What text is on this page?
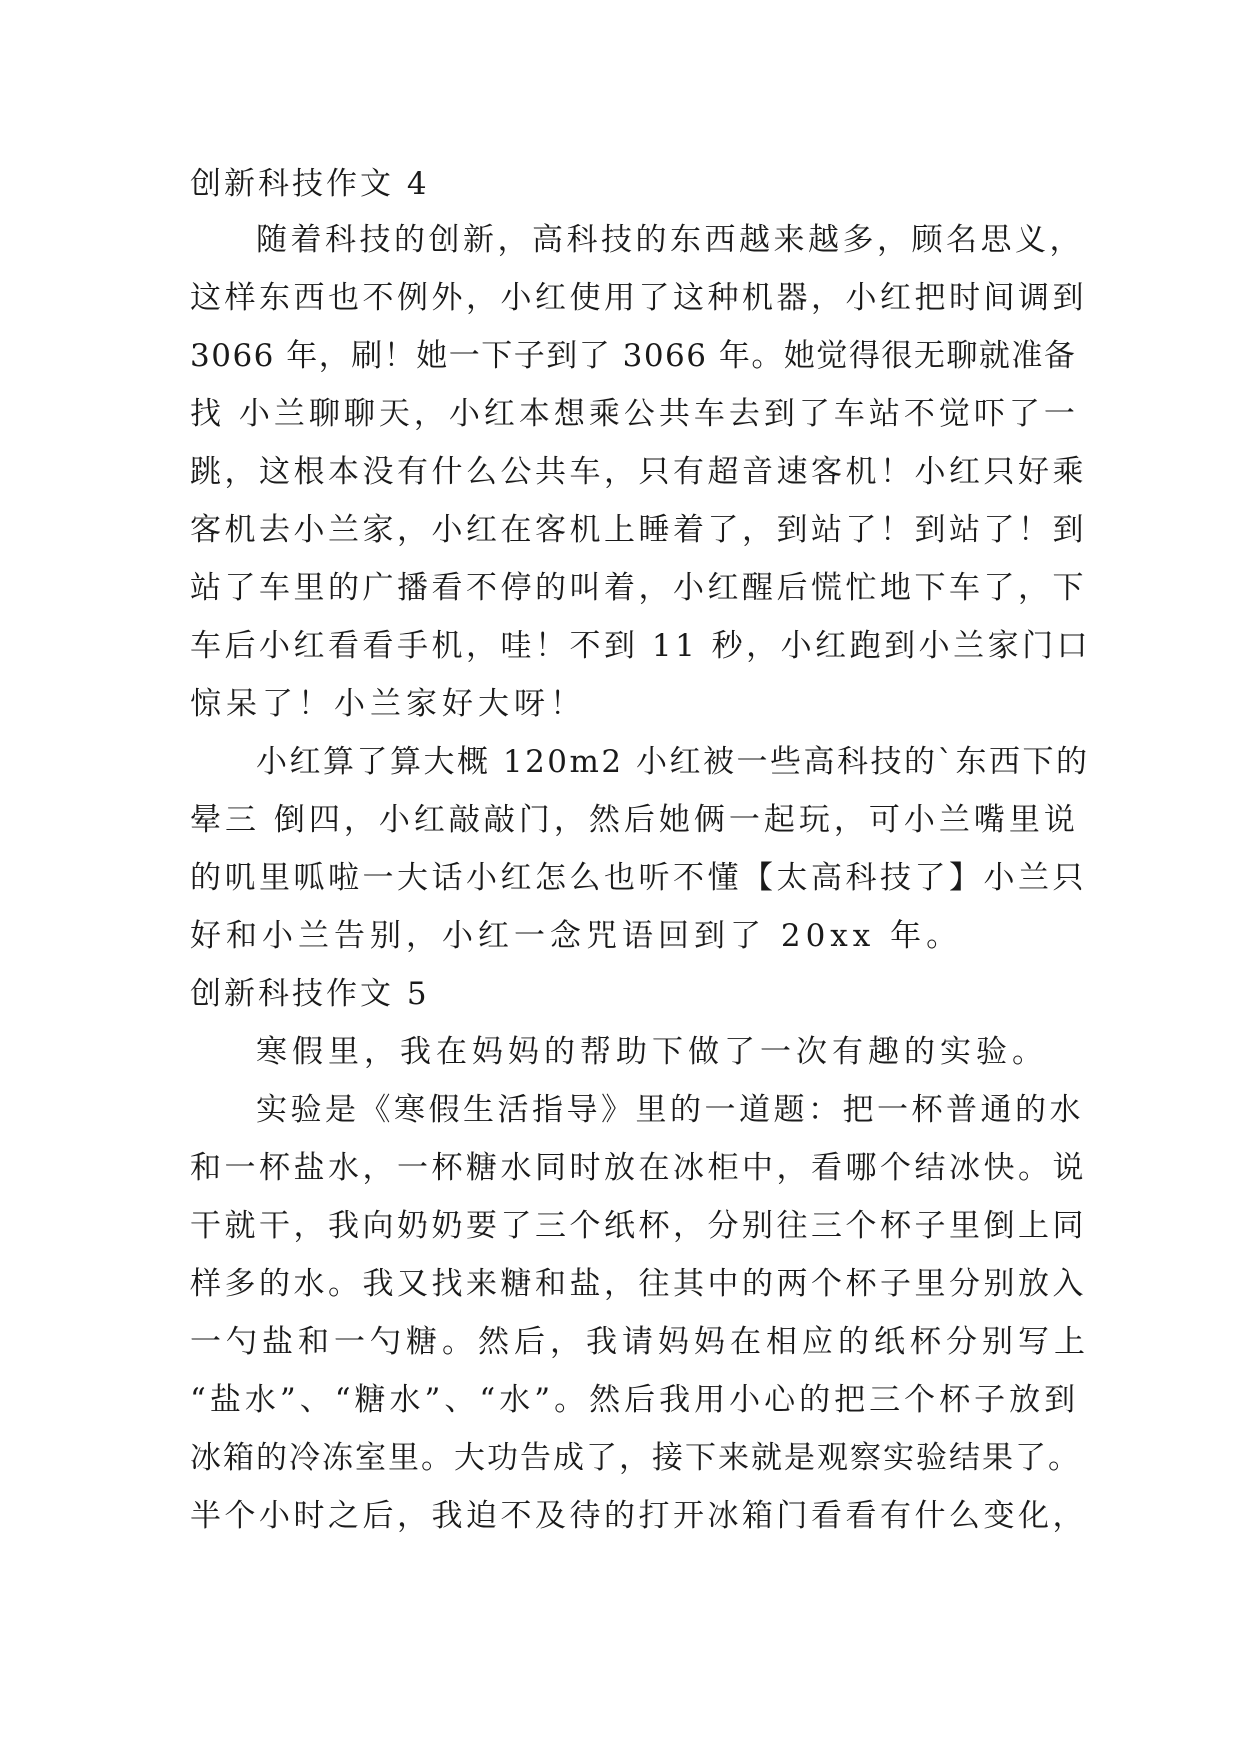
创新科技作文 4
随着科技的创新，高科技的东西越来越多，顾名思义，
这样东西也不例外，小红使用了这种机器，小红把时间调到
3066 年，刷！她一下子到了 3066 年。她觉得很无聊就准备
找 小兰聊聊天，小红本想乘公共车去到了车站不觉吓了一
跳，这根本没有什么公共车，只有超音速客机！小红只好乘
客机去小兰家，小红在客机上睡着了，到站了！到站了！到
站了车里的广播看不停的叫着，小红醒后慌忙地下车了，下
车后小红看看手机，哇！不到 11 秒，小红跑到小兰家门口
惊呆了！小兰家好大呀！
小红算了算大概 120m2 小红被一些高科技的`东西下的
晕三 倒四，小红敲敲门，然后她俩一起玩，可小兰嘴里说
的叽里呱啦一大话小红怎么也听不懂【太高科技了】小兰只
好和小兰告别，小红一念咒语回到了 20xx 年。
创新科技作文 5
寒假里，我在妈妈的帮助下做了一次有趣的实验。
实验是《寒假生活指导》里的一道题：把一杯普通的水
和一杯盐水，一杯糖水同时放在冰柜中，看哪个结冰快。说
干就干，我向奶奶要了三个纸杯，分别往三个杯子里倒上同
样多的水。我又找来糖和盐，往其中的两个杯子里分别放入
一勺盐和一勺糖。然后，我请妈妈在相应的纸杯分别写上
“盐水”、“糖水”、“水”。然后我用小心的把三个杯子放到
冰箱的冷冻室里。大功告成了，接下来就是观察实验结果了。
半个小时之后，我迫不及待的打开冰箱门看看有什么变化，
